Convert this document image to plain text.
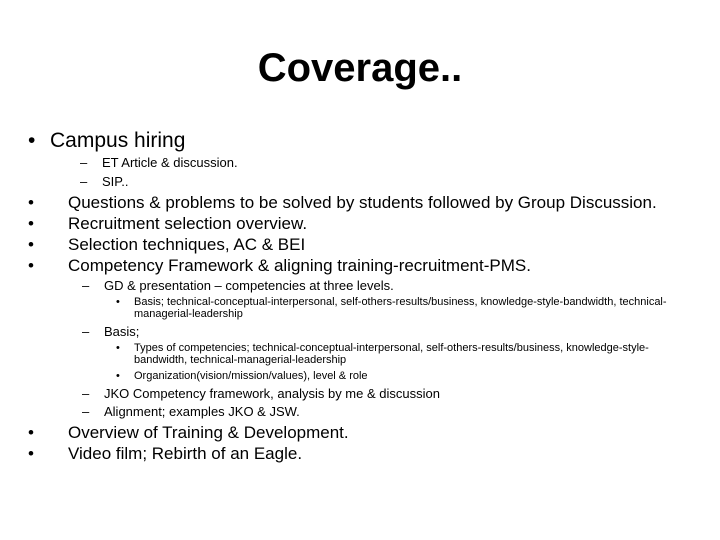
Coverage..
• Campus hiring
– ET Article & discussion.
– SIP..
• Questions & problems to be solved by students followed by Group Discussion.
• Recruitment selection overview.
• Selection techniques, AC & BEI
• Competency Framework & aligning training-recruitment-PMS.
– GD & presentation – competencies at three levels.
• Basis; technical-conceptual-interpersonal, self-others-results/business, knowledge-style-bandwidth, technical-managerial-leadership
– Basis;
• Types of competencies; technical-conceptual-interpersonal, self-others-results/business, knowledge-style-bandwidth, technical-managerial-leadership
• Organization(vision/mission/values), level & role
– JKO Competency framework, analysis by me & discussion
– Alignment; examples JKO & JSW.
• Overview of Training & Development.
• Video film; Rebirth of an Eagle.
